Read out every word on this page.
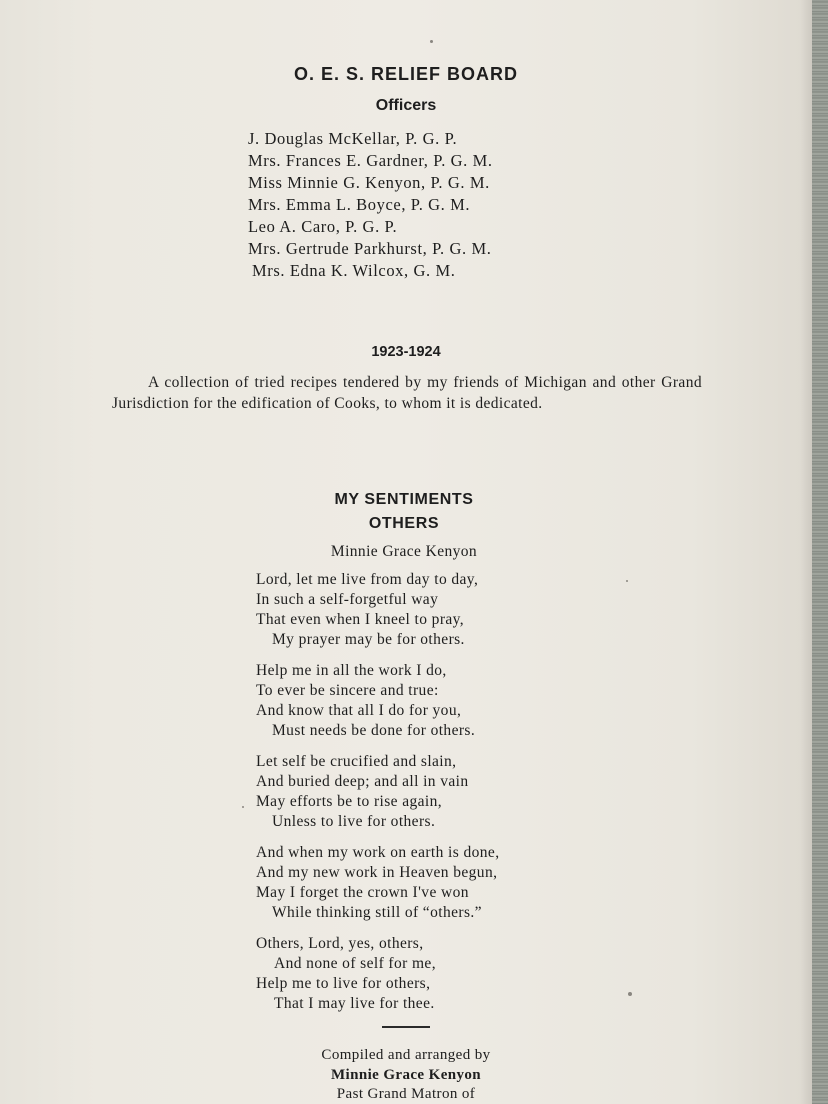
O. E. S. RELIEF BOARD
Officers
J. Douglas McKellar, P. G. P.
Mrs. Frances E. Gardner, P. G. M.
Miss Minnie G. Kenyon, P. G. M.
Mrs. Emma L. Boyce, P. G. M.
Leo A. Caro, P. G. P.
Mrs. Gertrude Parkhurst, P. G. M.
Mrs. Edna K. Wilcox, G. M.
1923-1924

A collection of tried recipes tendered by my friends of Michigan and other Grand Jurisdiction for the edification of Cooks, to whom it is dedicated.

MY SENTIMENTS
OTHERS
Minnie Grace Kenyon
Lord, let me live from day to day,
In such a self-forgetful way
That even when I kneel to pray,
My prayer may be for others.
Help me in all the work I do,
To ever be sincere and true:
And know that all I do for you,
Must needs be done for others.
Let self be crucified and slain,
And buried deep; and all in vain
May efforts be to rise again,
Unless to live for others.
And when my work on earth is done,
And my new work in Heaven begun,
May I forget the crown I've won
While thinking still of “others.”
Others, Lord, yes, others,
And none of self for me,
Help me to live for others,
That I may live for thee.
Compiled and arranged by
Minnie Grace Kenyon
Past Grand Matron of
